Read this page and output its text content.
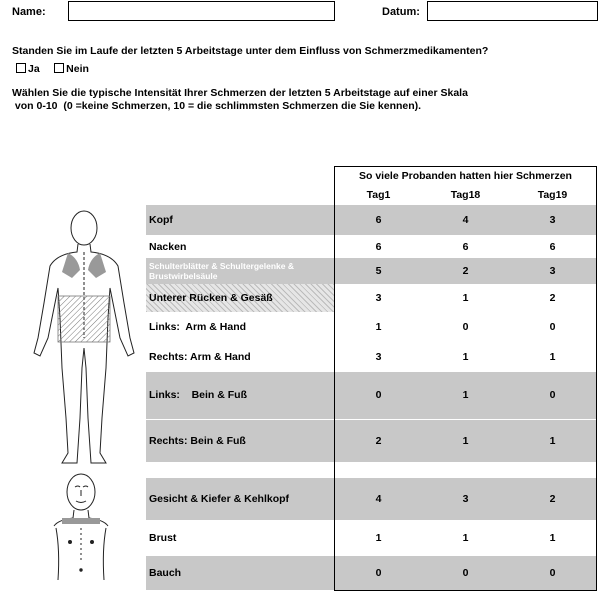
Name:	Datum:
Standen Sie im Laufe der letzten 5 Arbeitstage unter dem Einfluss von Schmerzmedikamenten?
Ja	Nein
Wählen Sie die typische Intensität Ihrer Schmerzen der letzten 5 Arbeitstage auf einer Skala
von 0-10  (0 =keine Schmerzen, 10 = die schlimmsten Schmerzen die Sie kennen).
	So viele Probanden hatten hier Schmerzen		
	Tag1	Tag18	Tag19
Kopf	6	4	3
Nacken	6	6	6

Schulterblätter & Schultergelenke & Brustwirbelsäule	5	2	3
Unterer Rücken & Gesäß	3	1	2
Links:  Arm & Hand	1	0	0
Rechts: Arm & Hand	3	1	1
Links:    Bein & Fuß	0	1	0
Rechts: Bein & Fuß	2	1	1

Gesicht & Kiefer & Kehlkopf	4	3	2
Brust	1	1	1
Bauch	0	0	0
